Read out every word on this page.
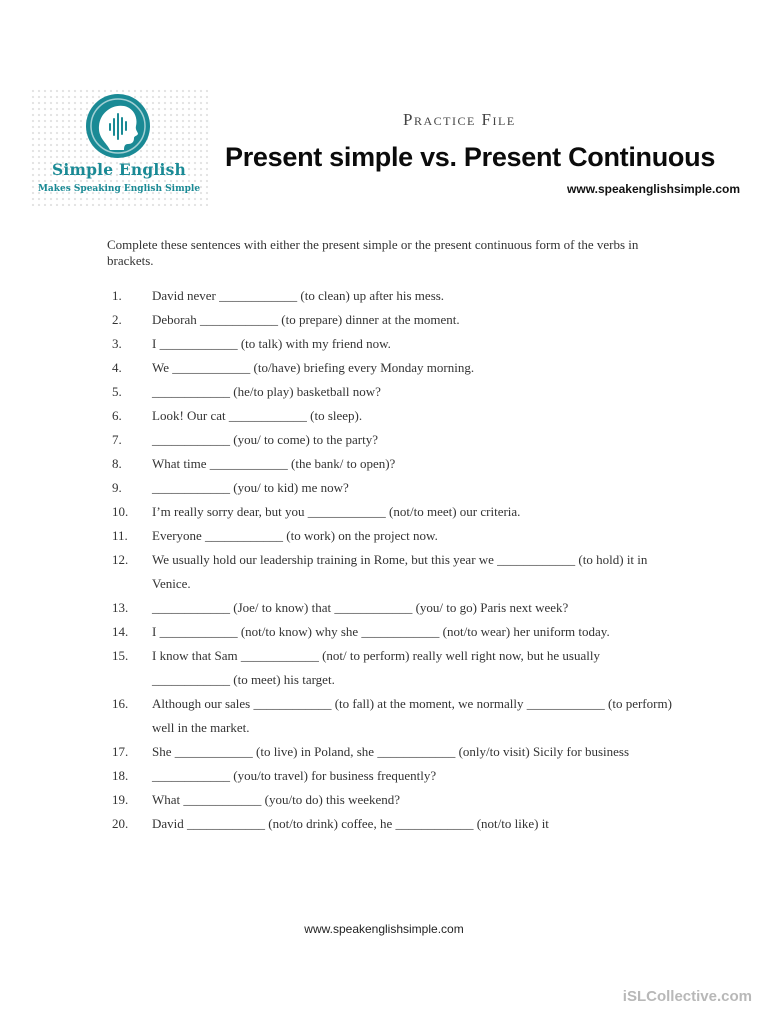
Simple English
Makes Speaking English Simple
Practice File
Present simple vs. Present Continuous
www.speakenglishsimple.com
Complete these sentences with either the present simple or the present continuous form of the verbs in brackets.
1.	David never ____________ (to clean) up after his mess.
2.	Deborah ____________ (to prepare) dinner at the moment.
3.	I ____________ (to talk) with my friend now.
4.	We ____________ (to/have) briefing every Monday morning.
5.	____________ (he/to play) basketball now?
6.	Look! Our cat ____________ (to sleep).
7.	____________ (you/ to come) to the party?
8.	What time ____________ (the bank/ to open)?
9.	____________ (you/ to kid) me now?
10.	I’m really sorry dear, but you ____________ (not/to meet) our criteria.
11.	Everyone ____________ (to work) on the project now.
12.	We usually hold our leadership training in Rome, but this year we ____________ (to hold) it in Venice.
13.	____________ (Joe/ to know) that ____________ (you/ to go) Paris next week?
14.	I ____________ (not/to know) why she ____________ (not/to wear) her uniform today.
15.	I know that Sam ____________ (not/ to perform) really well right now, but he usually ____________ (to meet) his target.
16.	Although our sales ____________ (to fall) at the moment, we normally ____________ (to perform) well in the market.
17.	She ____________ (to live) in Poland, she ____________ (only/to visit) Sicily for business
18.	____________ (you/to travel) for business frequently?
19.	What ____________ (you/to do) this weekend?
20.	David ____________ (not/to drink) coffee, he ____________ (not/to like) it
www.speakenglishsimple.com
iSLCollective.com
